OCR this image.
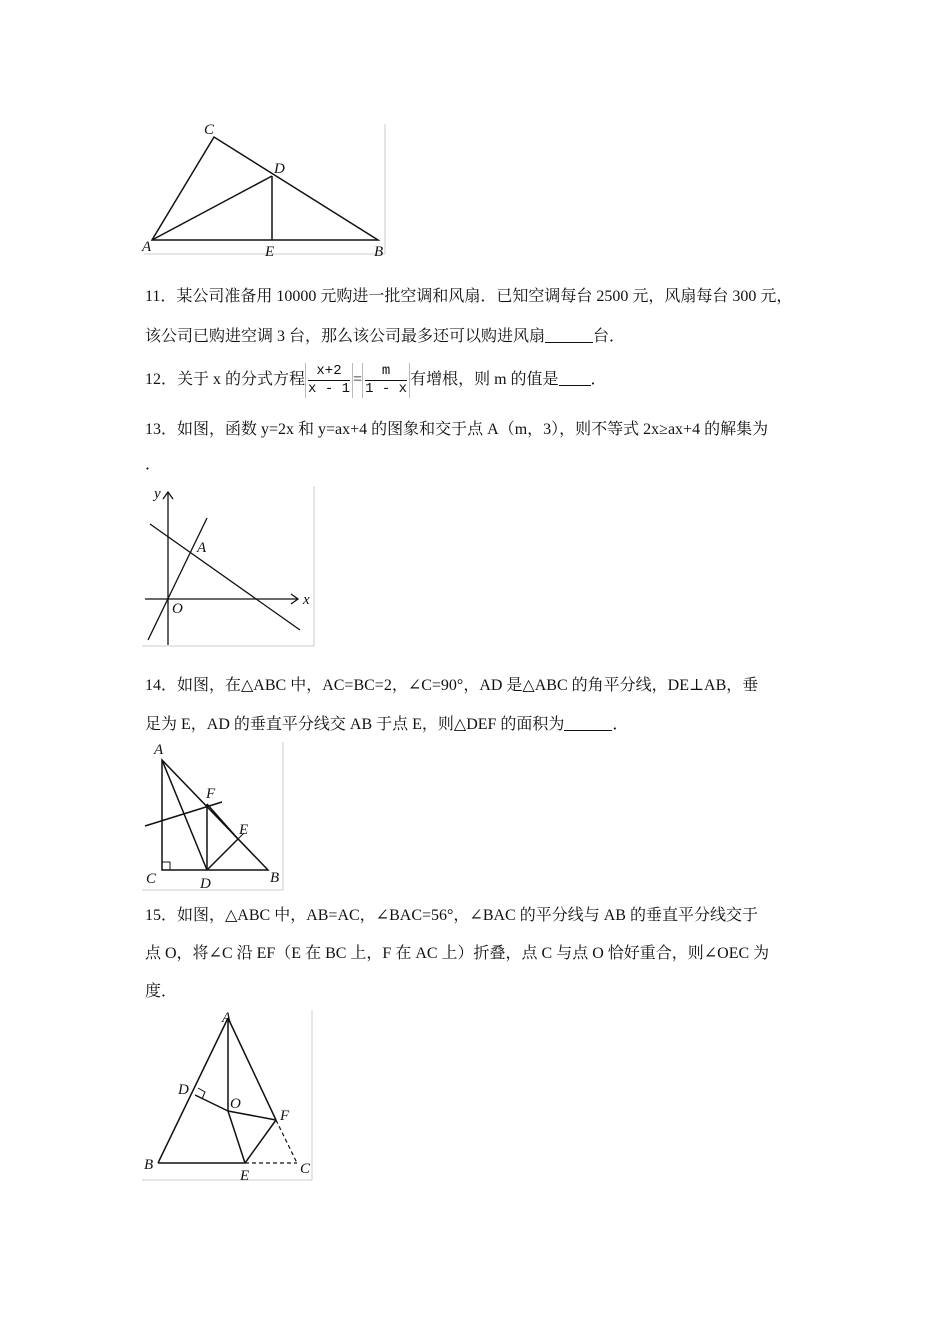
C
D
A	E	B
11．某公司准备用 10000 元购进一批空调和风扇．已知空调每台 2500 元，风扇每台 300 元，
该公司已购进空调 3 台，那么该公司最多还可以购进风扇	台．
12．关于 x 的分式方程 $\frac{x+2}{x - 1} = \frac{m}{1 - x}$ 有增根，则 m 的值是 ．
13．如图，函数 y=2x 和 y=ax+4 的图象和交于点 A（m，3），则不等式 2x≥ax+4 的解集为
．
y
A
O
x
14．如图，在△ABC 中，AC=BC=2，∠C=90°，AD 是△ABC 的角平分线，DE⊥AB，垂
足为 E，AD 的垂直平分线交 AB 于点 E，则△DEF 的面积为	．
A
F
E
C	D	B
15．如图，△ABC 中，AB=AC，∠BAC=56°，∠BAC 的平分线与 AB 的垂直平分线交于
点 O，将∠C 沿 EF（E 在 BC 上，F 在 AC 上）折叠，点 C 与点 O 恰好重合，则∠OEC 为
度．
A
D
O
F
B
E	C
